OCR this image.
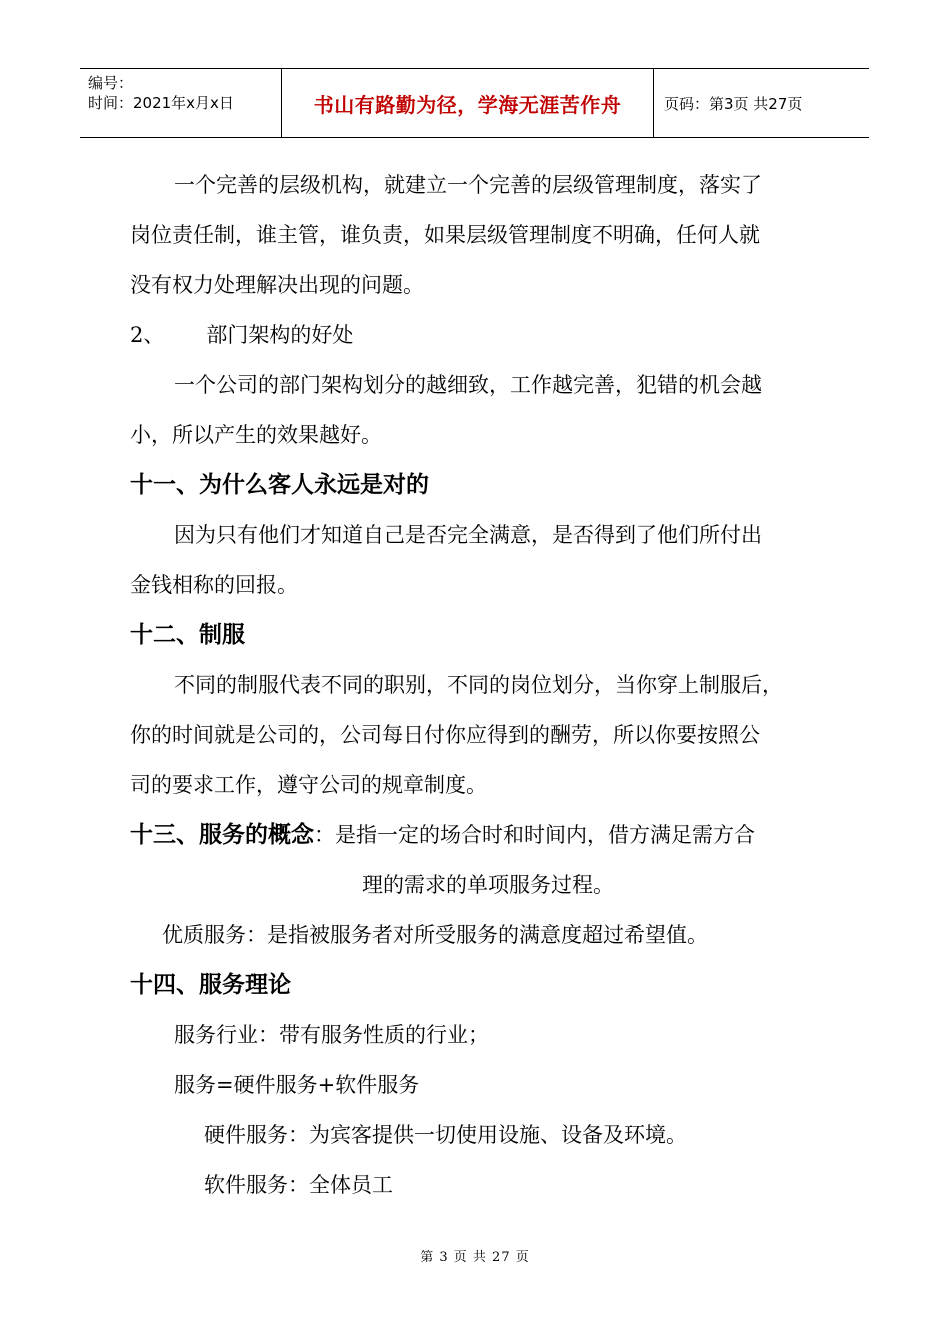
编号：
时间：2021年x月x日	书山有路勤为径，学海无涯苦作舟	页码：第3页 共27页
一个完善的层级机构，就建立一个完善的层级管理制度，落实了
岗位责任制，谁主管，谁负责，如果层级管理制度不明确，任何人就
没有权力处理解决出现的问题。
2、 部门架构的好处
一个公司的部门架构划分的越细致，工作越完善，犯错的机会越
小，所以产生的效果越好。
十一、为什么客人永远是对的
因为只有他们才知道自己是否完全满意，是否得到了他们所付出
金钱相称的回报。
十二、制服
不同的制服代表不同的职别，不同的岗位划分，当你穿上制服后，
你的时间就是公司的，公司每日付你应得到的酬劳，所以你要按照公
司的要求工作，遵守公司的规章制度。
十三、服务的概念：是指一定的场合时和时间内，借方满足需方合
理的需求的单项服务过程。
优质服务：是指被服务者对所受服务的满意度超过希望值。
十四、服务理论
服务行业：带有服务性质的行业；
服务=硬件服务+软件服务
硬件服务：为宾客提供一切使用设施、设备及环境。
软件服务：全体员工
第 3 页 共 27 页
